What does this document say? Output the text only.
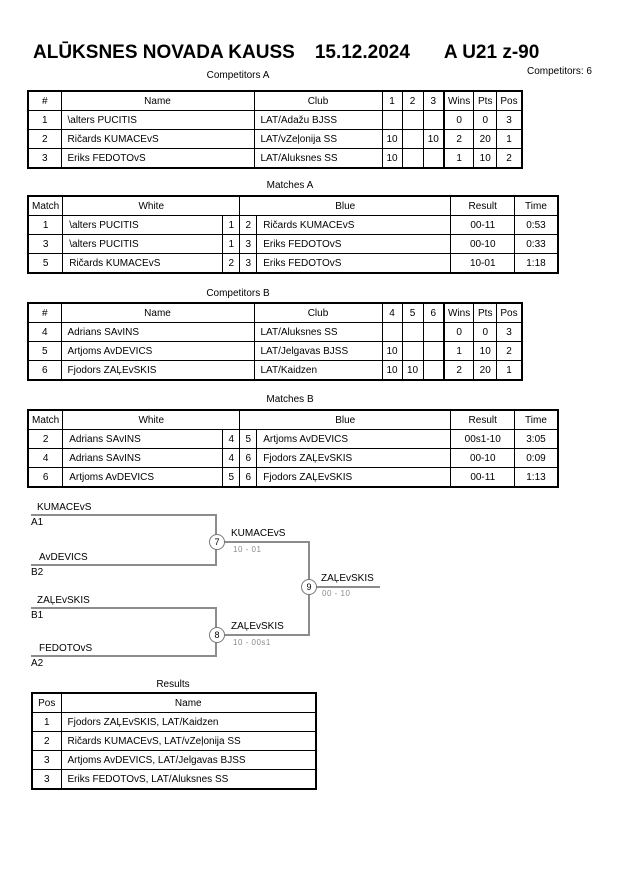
ALŪKSNES NOVADA KAUSS 15.12.2024 A U21 z-90
Competitors: 6
Competitors A
#	Name	Club	1	2	3	Wins	Pts	Pos
1	\alters PUCITIS	LAT/Adažu BJSS				0	0	3
2	Ričards KUMACEvS	LAT/vZeļonija SS	10		10	2	20	1
3	Eriks FEDOTOvS	LAT/Aluksnes SS	10			1	10	2
Matches A
Match	White		Blue		Result	Time
1	\alters PUCITIS	1	2	Ričards KUMACEvS	00-11	0:53
3	\alters PUCITIS	1	3	Eriks FEDOTOvS	00-10	0:33
5	Ričards KUMACEvS	2	3	Eriks FEDOTOvS	10-01	1:18
Competitors B
#	Name	Club	4	5	6	Wins	Pts	Pos
4	Adrians SAvINS	LAT/Aluksnes SS				0	0	3
5	Artjoms AvDEVICS	LAT/Jelgavas BJSS	10			1	10	2
6	Fjodors ZAĻEvSKIS	LAT/Kaidzen	10	10		2	20	1
Matches B
Match	White		Blue		Result	Time
2	Adrians SAvINS	4	5	Artjoms AvDEVICS	00s1-10	3:05
4	Adrians SAvINS	4	6	Fjodors ZAĻEvSKIS	00-10	0:09
6	Artjoms AvDEVICS	5	6	Fjodors ZAĻEvSKIS	00-11	1:13
KUMACEvS
A1
AvDEVICS
B2
ZAĻEvSKIS
B1
FEDOTOvS
A2
KUMACEvS
10 - 01
ZAĻEvSKIS
10 - 00s1
ZAĻEvSKIS
00 - 10
7
8
9
Results
Pos	Name
1	Fjodors ZAĻEvSKIS, LAT/Kaidzen
2	Ričards KUMACEvS, LAT/vZeļonija SS
3	Artjoms AvDEVICS, LAT/Jelgavas BJSS
3	Eriks FEDOTOvS, LAT/Aluksnes SS
